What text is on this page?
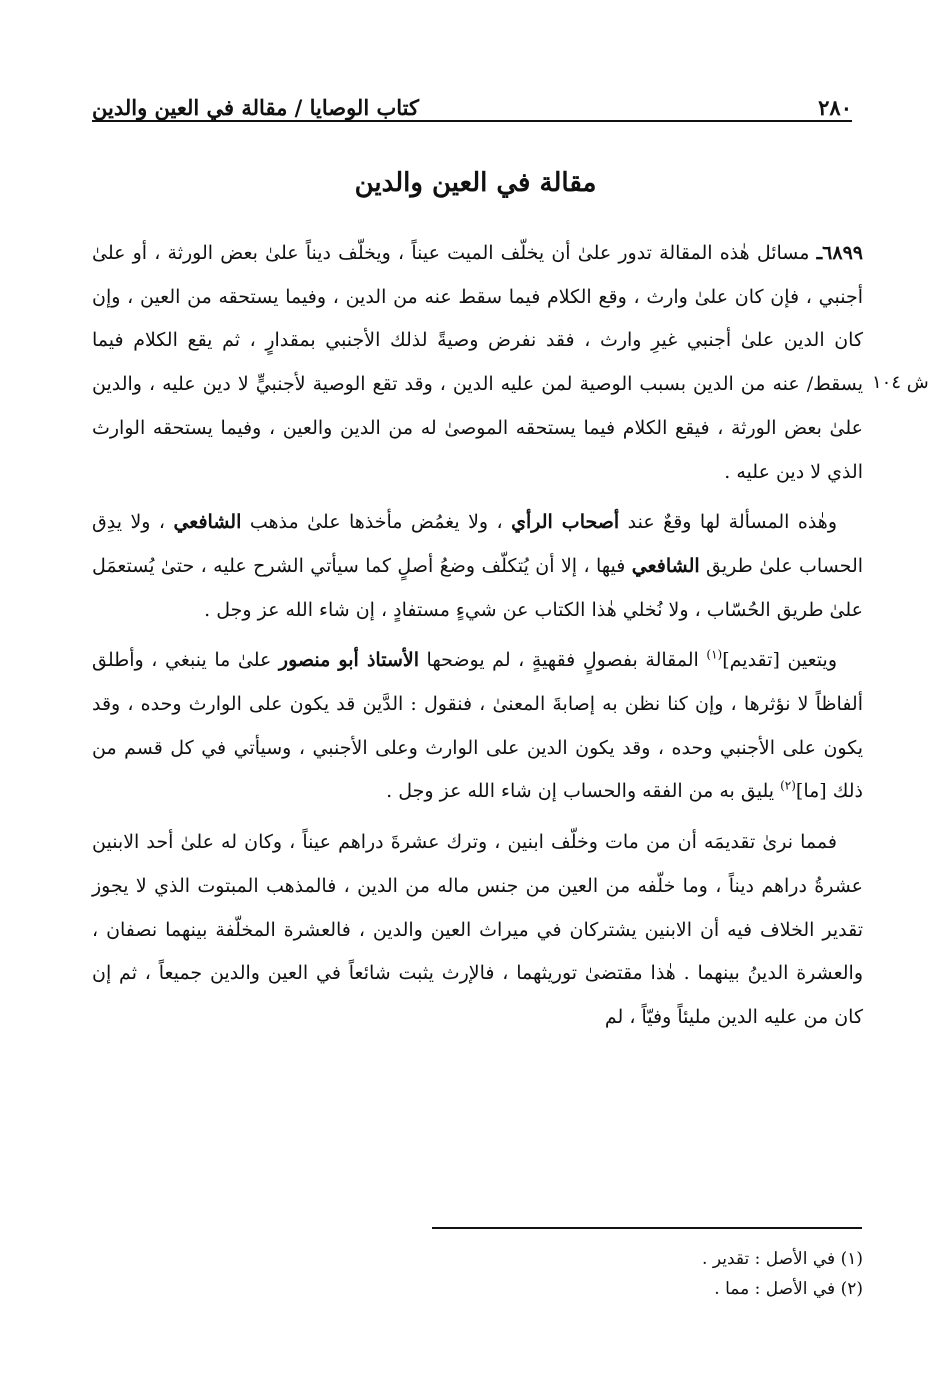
٢٨٠
كتاب الوصايا / مقالة في العين والدين
مقالة في العين والدين
ش ١٠٤

٦٨٩٩ـ مسائل هٰذه المقالة تدور علىٰ أن يخلّف الميت عيناً ، ويخلّف ديناً علىٰ بعض الورثة ، أو علىٰ أجنبي ، فإن كان علىٰ وارث ، وقع الكلام فيما سقط عنه من الدين ، وفيما يستحقه من العين ، وإن كان الدين علىٰ أجنبي غيرِ وارث ، فقد نفرض وصيةً لذلك الأجنبي بمقدارٍ ، ثم يقع الكلام فيما يسقط/ عنه من الدين بسبب الوصية لمن عليه الدين ، وقد تقع الوصية لأجنبيٍّ لا دين عليه ، والدين علىٰ بعض الورثة ، فيقع الكلام فيما يستحقه الموصىٰ له من الدين والعين ، وفيما يستحقه الوارث الذي لا دين عليه .

وهٰذه المسألة لها وقعٌ عند أصحاب الرأي ، ولا يغمُض مأخذها علىٰ مذهب الشافعي ، ولا يدِق الحساب علىٰ طريق الشافعي فيها ، إلا أن يُتكلّف وضعُ أصلٍ كما سيأتي الشرح عليه ، حتىٰ يُستعمَل علىٰ طريق الحُسّاب ، ولا نُخلي هٰذا الكتاب عن شيءٍ مستفادٍ ، إن شاء الله عز وجل .

ويتعين [تقديم]$^{(١)}$ المقالة بفصولٍ فقهيةٍ ، لم يوضحها الأستاذ أبو منصور علىٰ ما ينبغي ، وأطلق ألفاظاً لا نؤثرها ، وإن كنا نظن به إصابةَ المعنىٰ ، فنقول : الدَّين قد يكون على الوارث وحده ، وقد يكون على الأجنبي وحده ، وقد يكون الدين على الوارث وعلى الأجنبي ، وسيأتي في كل قسم من ذلك [ما]$^{(٢)}$ يليق به من الفقه والحساب إن شاء الله عز وجل .

فمما نرىٰ تقديمَه أن من مات وخلّف ابنين ، وترك عشرةَ دراهم عيناً ، وكان له علىٰ أحد الابنين عشرةُ دراهم ديناً ، وما خلّفه من العين من جنس ماله من الدين ، فالمذهب المبتوت الذي لا يجوز تقدير الخلاف فيه أن الابنين يشتركان في ميراث العين والدين ، فالعشرة المخلّفة بينهما نصفان ، والعشرة الدينُ بينهما . هٰذا مقتضىٰ توريثهما ، فالإرث يثبت شائعاً في العين والدين جميعاً ، ثم إن كان من عليه الدين مليئاً وفيّاً ، لم

(١) في الأصل : تقدير .
(٢) في الأصل : مما .
